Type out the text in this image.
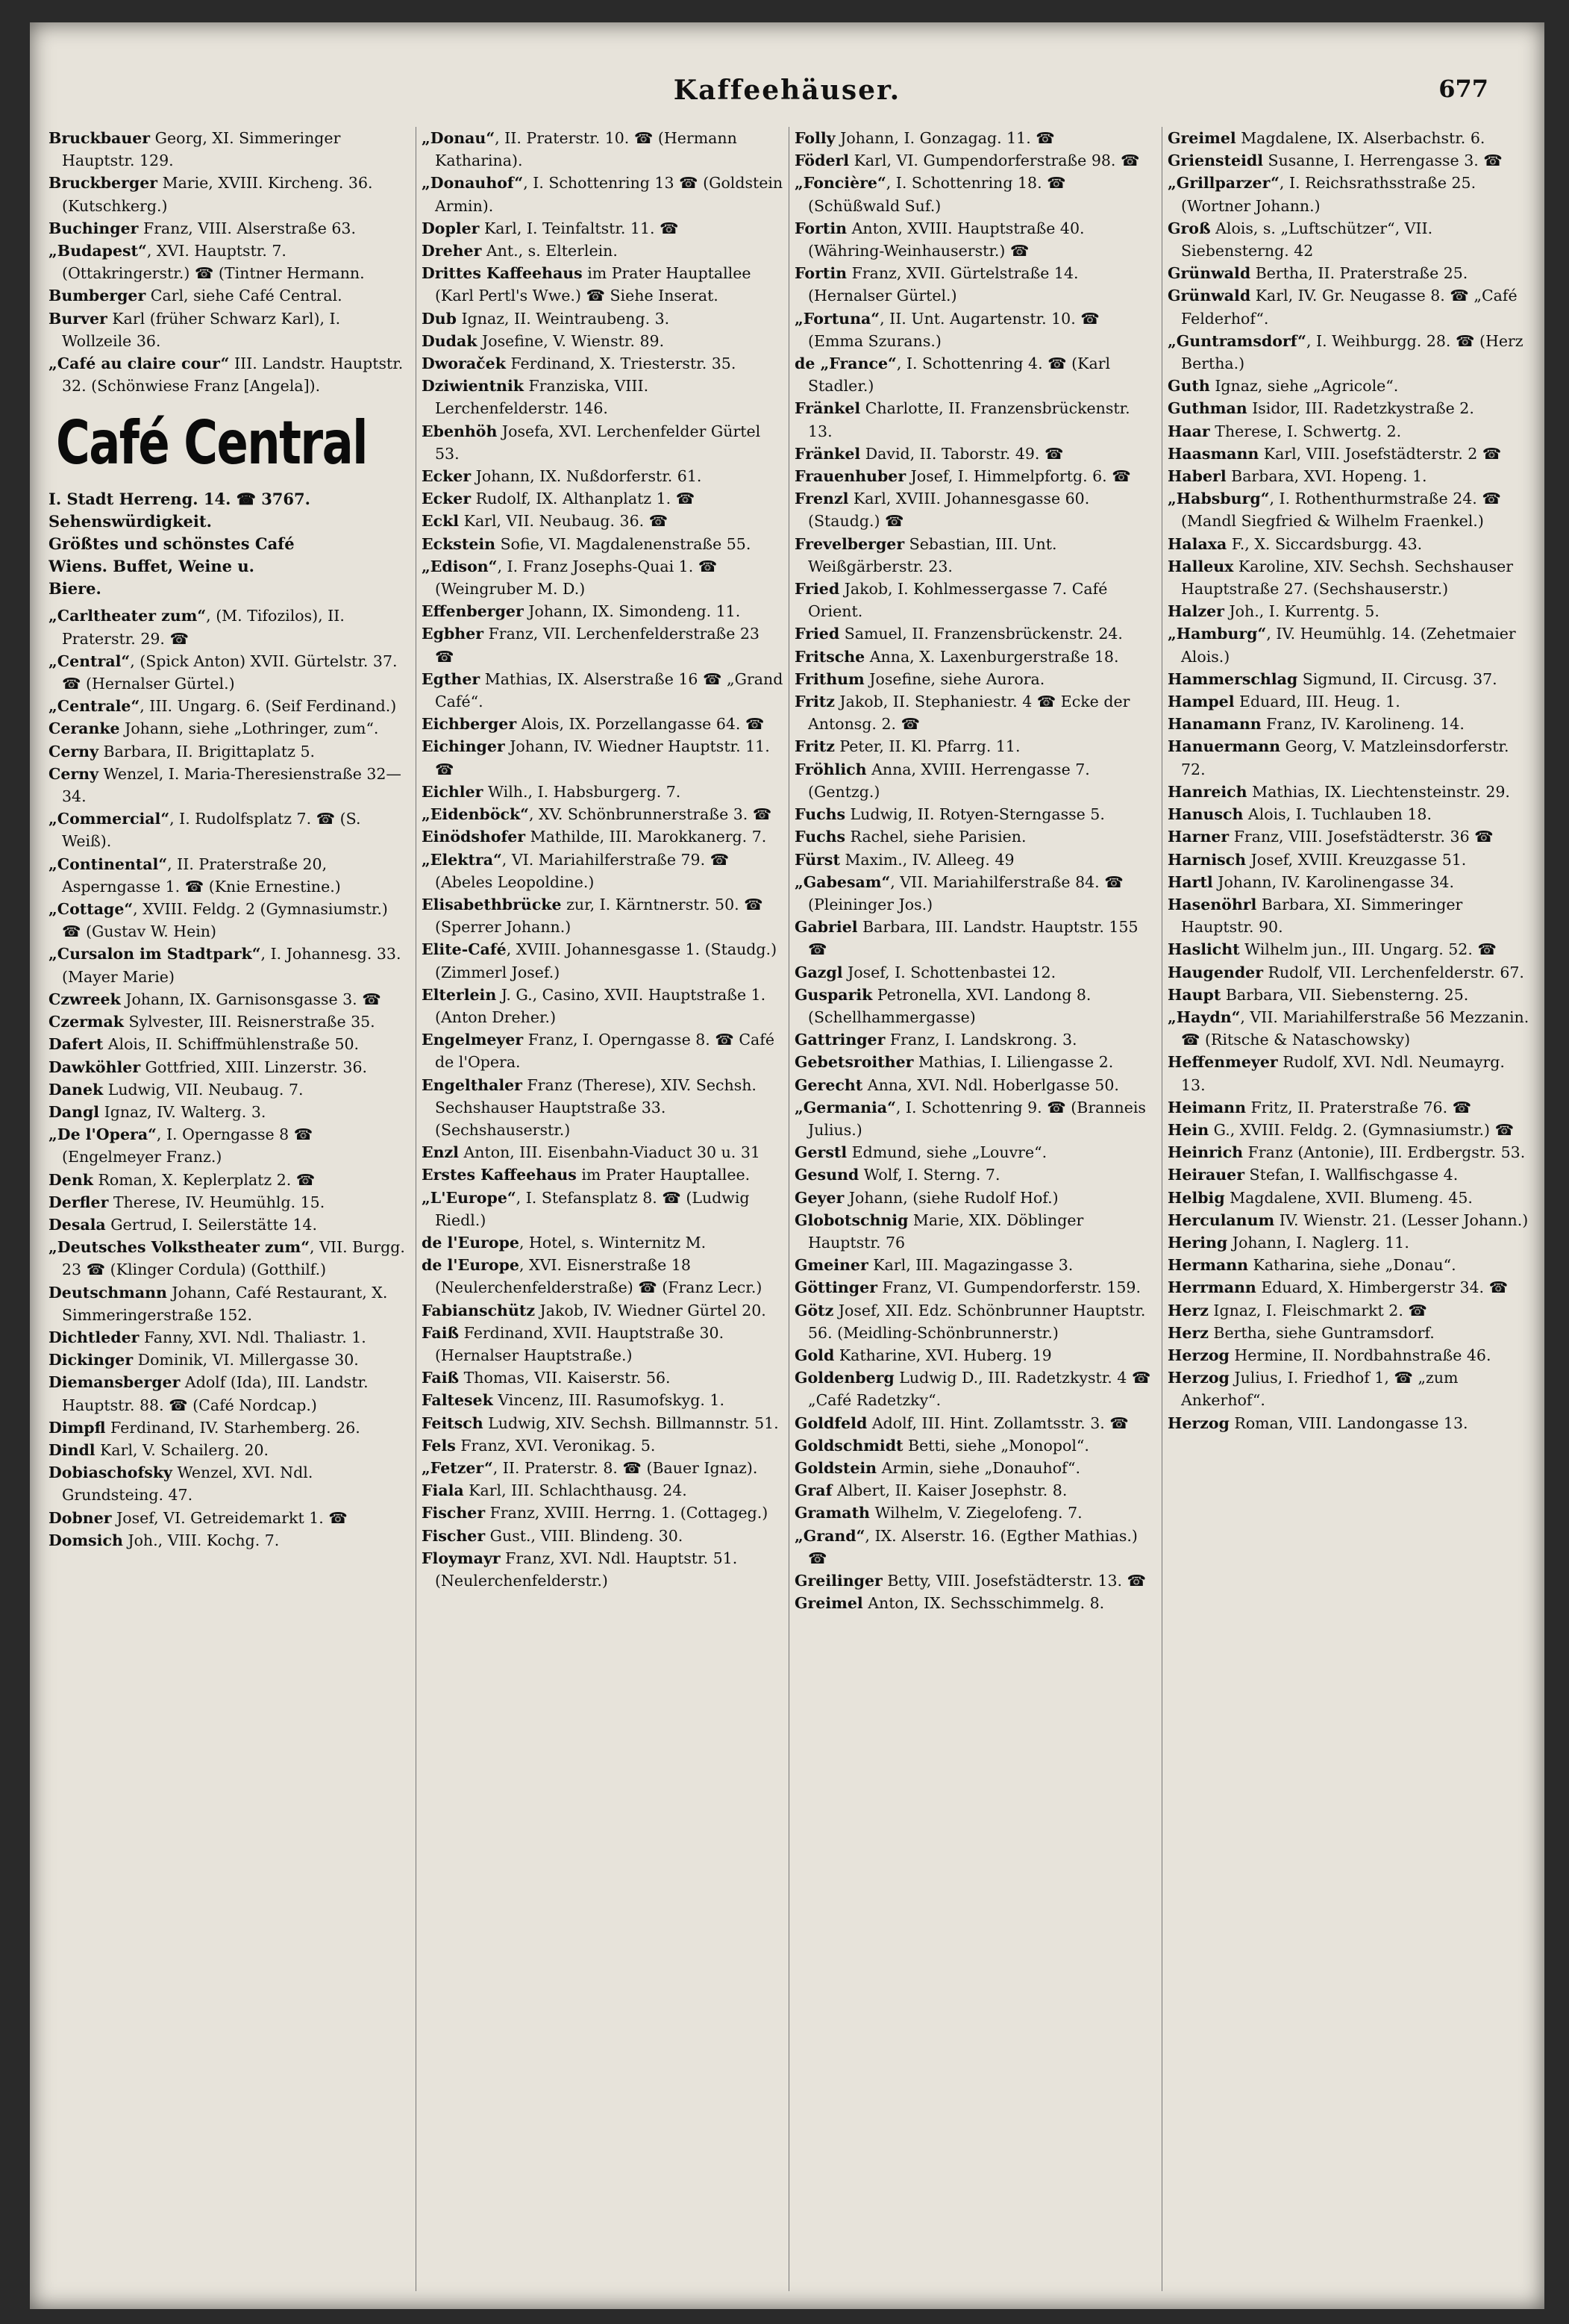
Kaffeehäuser.	677

Bruckbauer Georg, XI. Simmeringer Hauptstr. 129.

Bruckberger Marie, XVIII. Kircheng. 36. (Kutschkerg.)

Buchinger Franz, VIII. Alserstraße 63.

„Budapest“, XVI. Hauptstr. 7. (Ottakringerstr.) ☎ (Tintner Hermann.

Bumberger Carl, siehe Café Central.

Burver Karl (früher Schwarz Karl), I. Wollzeile 36.

„Café au claire cour“ III. Landstr. Hauptstr. 32. (Schönwiese Franz [Angela]).

Café Central
I. Stadt Herreng. 14. ☎ 3767.
Sehenswürdigkeit.
Größtes und schönstes Café
Wiens. Buffet, Weine u.
Biere.

„Carltheater zum“, (M. Tifozilos), II. Praterstr. 29. ☎

„Central“, (Spick Anton) XVII. Gürtelstr. 37. ☎ (Hernalser Gürtel.)

„Centrale“, III. Ungarg. 6. (Seif Ferdinand.)

Ceranke Johann, siehe „Lothringer, zum“.

Cerny Barbara, II. Brigittaplatz 5.

Cerny Wenzel, I. Maria-Theresienstraße 32—34.

„Commercial“, I. Rudolfsplatz 7. ☎ (S. Weiß).

„Continental“, II. Praterstraße 20, Asperngasse 1. ☎ (Knie Ernestine.)

„Cottage“, XVIII. Feldg. 2 (Gymnasiumstr.) ☎ (Gustav W. Hein)

„Cursalon im Stadtpark“, I. Johannesg. 33. (Mayer Marie)

Czwreek Johann, IX. Garnisonsgasse 3. ☎

Czermak Sylvester, III. Reisnerstraße 35.

Dafert Alois, II. Schiffmühlenstraße 50.

Dawköhler Gottfried, XIII. Linzerstr. 36.

Danek Ludwig, VII. Neubaug. 7.

Dangl Ignaz, IV. Walterg. 3.

„De l'Opera“, I. Operngasse 8 ☎ (Engelmeyer Franz.)

Denk Roman, X. Keplerplatz 2. ☎

Derfler Therese, IV. Heumühlg. 15.

Desala Gertrud, I. Seilerstätte 14.

„Deutsches Volkstheater zum“, VII. Burgg. 23 ☎ (Klinger Cordula) (Gotthilf.)

Deutschmann Johann, Café Restaurant, X. Simmeringerstraße 152.

Dichtleder Fanny, XVI. Ndl. Thaliastr. 1.

Dickinger Dominik, VI. Millergasse 30.

Diemansberger Adolf (Ida), III. Landstr. Hauptstr. 88. ☎ (Café Nordcap.)

Dimpfl Ferdinand, IV. Starhemberg. 26.

Dindl Karl, V. Schailerg. 20.

Dobiaschofsky Wenzel, XVI. Ndl. Grundsteing. 47.

Dobner Josef, VI. Getreidemarkt 1. ☎

Domsich Joh., VIII. Kochg. 7.

„Donau“, II. Praterstr. 10. ☎ (Hermann Katharina).

„Donauhof“, I. Schottenring 13 ☎ (Goldstein Armin).

Dopler Karl, I. Teinfaltstr. 11. ☎

Dreher Ant., s. Elterlein.

Drittes Kaffeehaus im Prater Hauptallee (Karl Pertl's Wwe.) ☎ Siehe Inserat.

Dub Ignaz, II. Weintraubeng. 3.

Dudak Josefine, V. Wienstr. 89.

Dworaček Ferdinand, X. Triesterstr. 35.

Dziwientnik Franziska, VIII. Lerchenfelderstr. 146.

Ebenhöh Josefa, XVI. Lerchenfelder Gürtel 53.

Ecker Johann, IX. Nußdorferstr. 61.

Ecker Rudolf, IX. Althanplatz 1. ☎

Eckl Karl, VII. Neubaug. 36. ☎

Eckstein Sofie, VI. Magdalenenstraße 55.

„Edison“, I. Franz Josephs-Quai 1. ☎ (Weingruber M. D.)

Effenberger Johann, IX. Simondeng. 11.

Egbher Franz, VII. Lerchenfelderstraße 23 ☎

Egther Mathias, IX. Alserstraße 16 ☎ „Grand Café“.

Eichberger Alois, IX. Porzellangasse 64. ☎

Eichinger Johann, IV. Wiedner Hauptstr. 11. ☎

Eichler Wilh., I. Habsburgerg. 7.

„Eidenböck“, XV. Schönbrunnerstraße 3. ☎

Einödshofer Mathilde, III. Marokkanerg. 7.

„Elektra“, VI. Mariahilferstraße 79. ☎ (Abeles Leopoldine.)

Elisabethbrücke zur, I. Kärntnerstr. 50. ☎ (Sperrer Johann.)

Elite-Café, XVIII. Johannesgasse 1. (Staudg.) (Zimmerl Josef.)

Elterlein J. G., Casino, XVII. Hauptstraße 1. (Anton Dreher.)

Engelmeyer Franz, I. Operngasse 8. ☎ Café de l'Opera.

Engelthaler Franz (Therese), XIV. Sechsh. Sechshauser Hauptstraße 33. (Sechshauserstr.)

Enzl Anton, III. Eisenbahn-Viaduct 30 u. 31

Erstes Kaffeehaus im Prater Hauptallee.

„L'Europe“, I. Stefansplatz 8. ☎ (Ludwig Riedl.)

de l'Europe, Hotel, s. Winternitz M.

de l'Europe, XVI. Eisnerstraße 18 (Neulerchenfelderstraße) ☎ (Franz Lecr.)

Fabianschütz Jakob, IV. Wiedner Gürtel 20.

Faiß Ferdinand, XVII. Hauptstraße 30. (Hernalser Hauptstraße.)

Faiß Thomas, VII. Kaiserstr. 56.

Faltesek Vincenz, III. Rasumofskyg. 1.

Feitsch Ludwig, XIV. Sechsh. Billmannstr. 51.

Fels Franz, XVI. Veronikag. 5.

„Fetzer“, II. Praterstr. 8. ☎ (Bauer Ignaz).

Fiala Karl, III. Schlachthausg. 24.

Fischer Franz, XVIII. Herrng. 1. (Cottageg.)

Fischer Gust., VIII. Blindeng. 30.

Floymayr Franz, XVI. Ndl. Hauptstr. 51. (Neulerchenfelderstr.)

Folly Johann, I. Gonzagag. 11. ☎

Föderl Karl, VI. Gumpendorferstraße 98. ☎

„Foncière“, I. Schottenring 18. ☎ (Schüßwald Suf.)

Fortin Anton, XVIII. Hauptstraße 40. (Währing-Weinhauserstr.) ☎

Fortin Franz, XVII. Gürtelstraße 14. (Hernalser Gürtel.)

„Fortuna“, II. Unt. Augartenstr. 10. ☎ (Emma Szurans.)

de „France“, I. Schottenring 4. ☎ (Karl Stadler.)

Fränkel Charlotte, II. Franzensbrückenstr. 13.

Fränkel David, II. Taborstr. 49. ☎

Frauenhuber Josef, I. Himmelpfortg. 6. ☎

Frenzl Karl, XVIII. Johannesgasse 60. (Staudg.) ☎

Frevelberger Sebastian, III. Unt. Weißgärberstr. 23.

Fried Jakob, I. Kohlmessergasse 7. Café Orient.

Fried Samuel, II. Franzensbrückenstr. 24.

Fritsche Anna, X. Laxenburgerstraße 18.

Frithum Josefine, siehe Aurora.

Fritz Jakob, II. Stephaniestr. 4 ☎ Ecke der Antonsg. 2. ☎

Fritz Peter, II. Kl. Pfarrg. 11.

Fröhlich Anna, XVIII. Herrengasse 7. (Gentzg.)

Fuchs Ludwig, II. Rotyen-Sterngasse 5.

Fuchs Rachel, siehe Parisien.

Fürst Maxim., IV. Alleeg. 49

„Gabesam“, VII. Mariahilferstraße 84. ☎ (Pleininger Jos.)

Gabriel Barbara, III. Landstr. Hauptstr. 155 ☎

Gazgl Josef, I. Schottenbastei 12.

Gusparik Petronella, XVI. Landong 8. (Schellhammergasse)

Gattringer Franz, I. Landskrong. 3.

Gebetsroither Mathias, I. Liliengasse 2.

Gerecht Anna, XVI. Ndl. Hoberlgasse 50.

„Germania“, I. Schottenring 9. ☎ (Branneis Julius.)

Gerstl Edmund, siehe „Louvre“.

Gesund Wolf, I. Sterng. 7.

Geyer Johann, (siehe Rudolf Hof.)

Globotschnig Marie, XIX. Döblinger Hauptstr. 76

Gmeiner Karl, III. Magazingasse 3.

Göttinger Franz, VI. Gumpendorferstr. 159.

Götz Josef, XII. Edz. Schönbrunner Hauptstr. 56. (Meidling-Schönbrunnerstr.)

Gold Katharine, XVI. Huberg. 19

Goldenberg Ludwig D., III. Radetzkystr. 4 ☎ „Café Radetzky“.

Goldfeld Adolf, III. Hint. Zollamtsstr. 3. ☎

Goldschmidt Betti, siehe „Monopol“.

Goldstein Armin, siehe „Donauhof“.

Graf Albert, II. Kaiser Josephstr. 8.

Gramath Wilhelm, V. Ziegelofeng. 7.

„Grand“, IX. Alserstr. 16. (Egther Mathias.) ☎

Greilinger Betty, VIII. Josefstädterstr. 13. ☎

Greimel Anton, IX. Sechsschimmelg. 8.

Greimel Magdalene, IX. Alserbachstr. 6.

Griensteidl Susanne, I. Herrengasse 3. ☎

„Grillparzer“, I. Reichsrathsstraße 25. (Wortner Johann.)

Groß Alois, s. „Luftschützer“, VII. Siebensterng. 42

Grünwald Bertha, II. Praterstraße 25.

Grünwald Karl, IV. Gr. Neugasse 8. ☎ „Café Felderhof“.

„Guntramsdorf“, I. Weihburgg. 28. ☎ (Herz Bertha.)

Guth Ignaz, siehe „Agricole“.

Guthman Isidor, III. Radetzkystraße 2.

Haar Therese, I. Schwertg. 2.

Haasmann Karl, VIII. Josefstädterstr. 2 ☎

Haberl Barbara, XVI. Hopeng. 1.

„Habsburg“, I. Rothenthurmstraße 24. ☎ (Mandl Siegfried & Wilhelm Fraenkel.)

Halaxa F., X. Siccardsburgg. 43.

Halleux Karoline, XIV. Sechsh. Sechshauser Hauptstraße 27. (Sechshauserstr.)

Halzer Joh., I. Kurrentg. 5.

„Hamburg“, IV. Heumühlg. 14. (Zehetmaier Alois.)

Hammerschlag Sigmund, II. Circusg. 37.

Hampel Eduard, III. Heug. 1.

Hanamann Franz, IV. Karolineng. 14.

Hanuermann Georg, V. Matzleinsdorferstr. 72.

Hanreich Mathias, IX. Liechtensteinstr. 29.

Hanusch Alois, I. Tuchlauben 18.

Harner Franz, VIII. Josefstädterstr. 36 ☎

Harnisch Josef, XVIII. Kreuzgasse 51.

Hartl Johann, IV. Karolinengasse 34.

Hasenöhrl Barbara, XI. Simmeringer Hauptstr. 90.

Haslicht Wilhelm jun., III. Ungarg. 52. ☎

Haugender Rudolf, VII. Lerchenfelderstr. 67.

Haupt Barbara, VII. Siebensterng. 25.

„Haydn“, VII. Mariahilferstraße 56 Mezzanin. ☎ (Ritsche & Nataschowsky)

Heffenmeyer Rudolf, XVI. Ndl. Neumayrg. 13.

Heimann Fritz, II. Praterstraße 76. ☎

Hein G., XVIII. Feldg. 2. (Gymnasiumstr.) ☎

Heinrich Franz (Antonie), III. Erdbergstr. 53.

Heirauer Stefan, I. Wallfischgasse 4.

Helbig Magdalene, XVII. Blumeng. 45.

Herculanum IV. Wienstr. 21. (Lesser Johann.)

Hering Johann, I. Naglerg. 11.

Hermann Katharina, siehe „Donau“.

Herrmann Eduard, X. Himbergerstr 34. ☎

Herz Ignaz, I. Fleischmarkt 2. ☎

Herz Bertha, siehe Guntramsdorf.

Herzog Hermine, II. Nordbahnstraße 46.

Herzog Julius, I. Friedhof 1, ☎ „zum Ankerhof“.

Herzog Roman, VIII. Landongasse 13.
